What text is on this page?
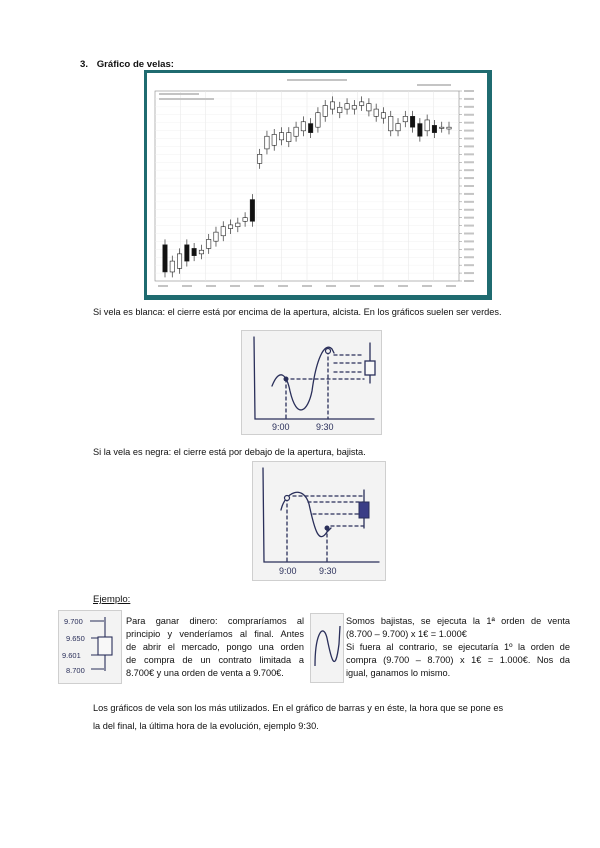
3. Gráfico de velas:
Si vela es blanca: el cierre está por encima de la apertura, alcista. En los gráficos suelen ser verdes.
9:00	9:30
Si la vela es negra: el cierre está por debajo de la apertura, bajista.
9:00 9:30
Ejemplo:
9.700
9.650
9.601
8.700
Para ganar dinero: compraríamos al
principio y venderíamos al final. Antes
de abrir el mercado, pongo una orden
de compra de un contrato limitada a
8.700€ y una orden de venta a 9.700€.
Somos bajistas, se ejecuta la 1ª orden de venta
(8.700 – 9.700) x 1€ = 1.000€
Si fuera al contrario, se ejecutaría 1º la orden de
compra (9.700 – 8.700) x 1€ = 1.000€. Nos da
igual, ganamos lo mismo.
Los gráficos de vela son los más utilizados. En el gráfico de barras y en éste, la hora que se pone es
la del final, la última hora de la evolución, ejemplo 9:30.
